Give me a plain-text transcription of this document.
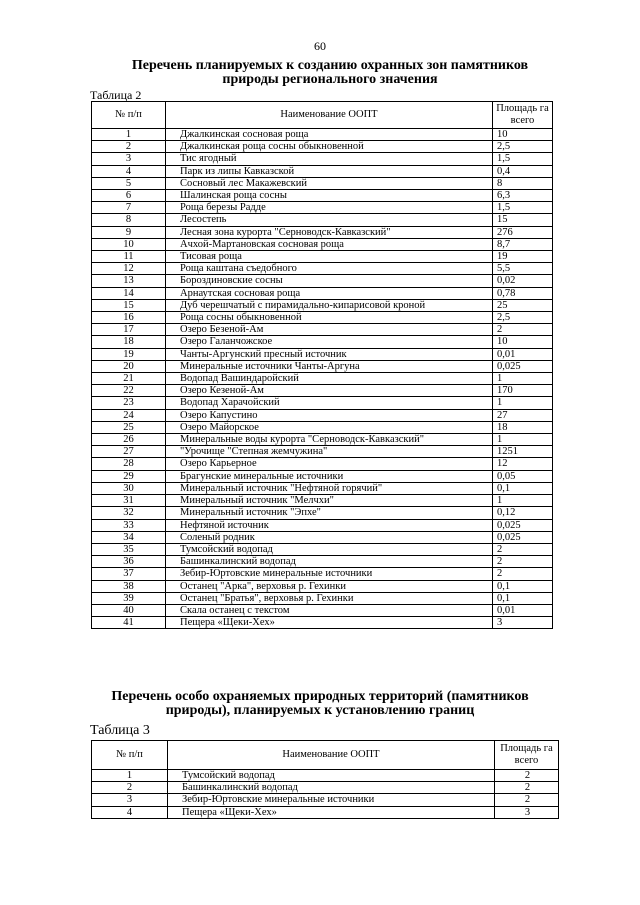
60

Перечень планируемых к созданию охранных зон памятников
природы регионального значения

Таблица 2

№ п/п	Наименование ООПТ	Площадь га всего
1	Джалкинская сосновая роща	10
2	Джалкинская роща сосны обыкновенной	2,5
3	Тис ягодный	1,5
4	Парк из липы Кавказской	0,4
5	Сосновый лес Макажевский	8
6	Шалинская роща сосны	6,3
7	Роща березы Радде	1,5
8	Лесостепь	15
9	Лесная зона курорта "Серноводск-Кавказский"	276
10	Ачхой-Мартановская сосновая роща	8,7
11	Тисовая роща	19
12	Роща каштана съедобного	5,5
13	Бороздиновские сосны	0,02
14	Арнаутская сосновая роща	0,78
15	Дуб черешчатый с пирамидально-кипарисовой кроной	25
16	Роща сосны обыкновенной	2,5
17	Озеро Безеной-Ам	2
18	Озеро Галанчожское	10
19	Чанты-Аргунский пресный источник	0,01
20	Минеральные источники Чанты-Аргуна	0,025
21	Водопад Вашиндаройский	1
22	Озеро Кезеной-Ам	170
23	Водопад Харачойский	1
24	Озеро Капустино	27
25	Озеро Майорское	18
26	Минеральные воды курорта "Серноводск-Кавказский"	1
27	"Урочище "Степная жемчужина"	1251
28	Озеро Карьерное	12
29	Брагунские минеральные источники	0,05
30	Минеральный источник "Нефтяной горячий"	0,1
31	Минеральный источник "Мелчхи"	1
32	Минеральный источник "Эпхе"	0,12
33	Нефтяной источник	0,025
34	Соленый родник	0,025
35	Тумсойский водопад	2
36	Башинкалинский водопад	2
37	Зебир-Юртовские минеральные источники	2
38	Останец "Арка", верховья р. Гехинки	0,1
39	Останец "Братья", верховья р. Гехинки	0,1
40	Скала останец с текстом	0,01
41	Пещера «Щеки-Хех»	3
Перечень особо охраняемых природных территорий (памятников
природы), планируемых к установлению границ

Таблица 3

№ п/п	Наименование ООПТ	Площадь га всего
1	Тумсойский водопад	2
2	Башинкалинский водопад	2
3	Зебир-Юртовские минеральные источники	2
4	Пещера «Щеки-Хех»	3
